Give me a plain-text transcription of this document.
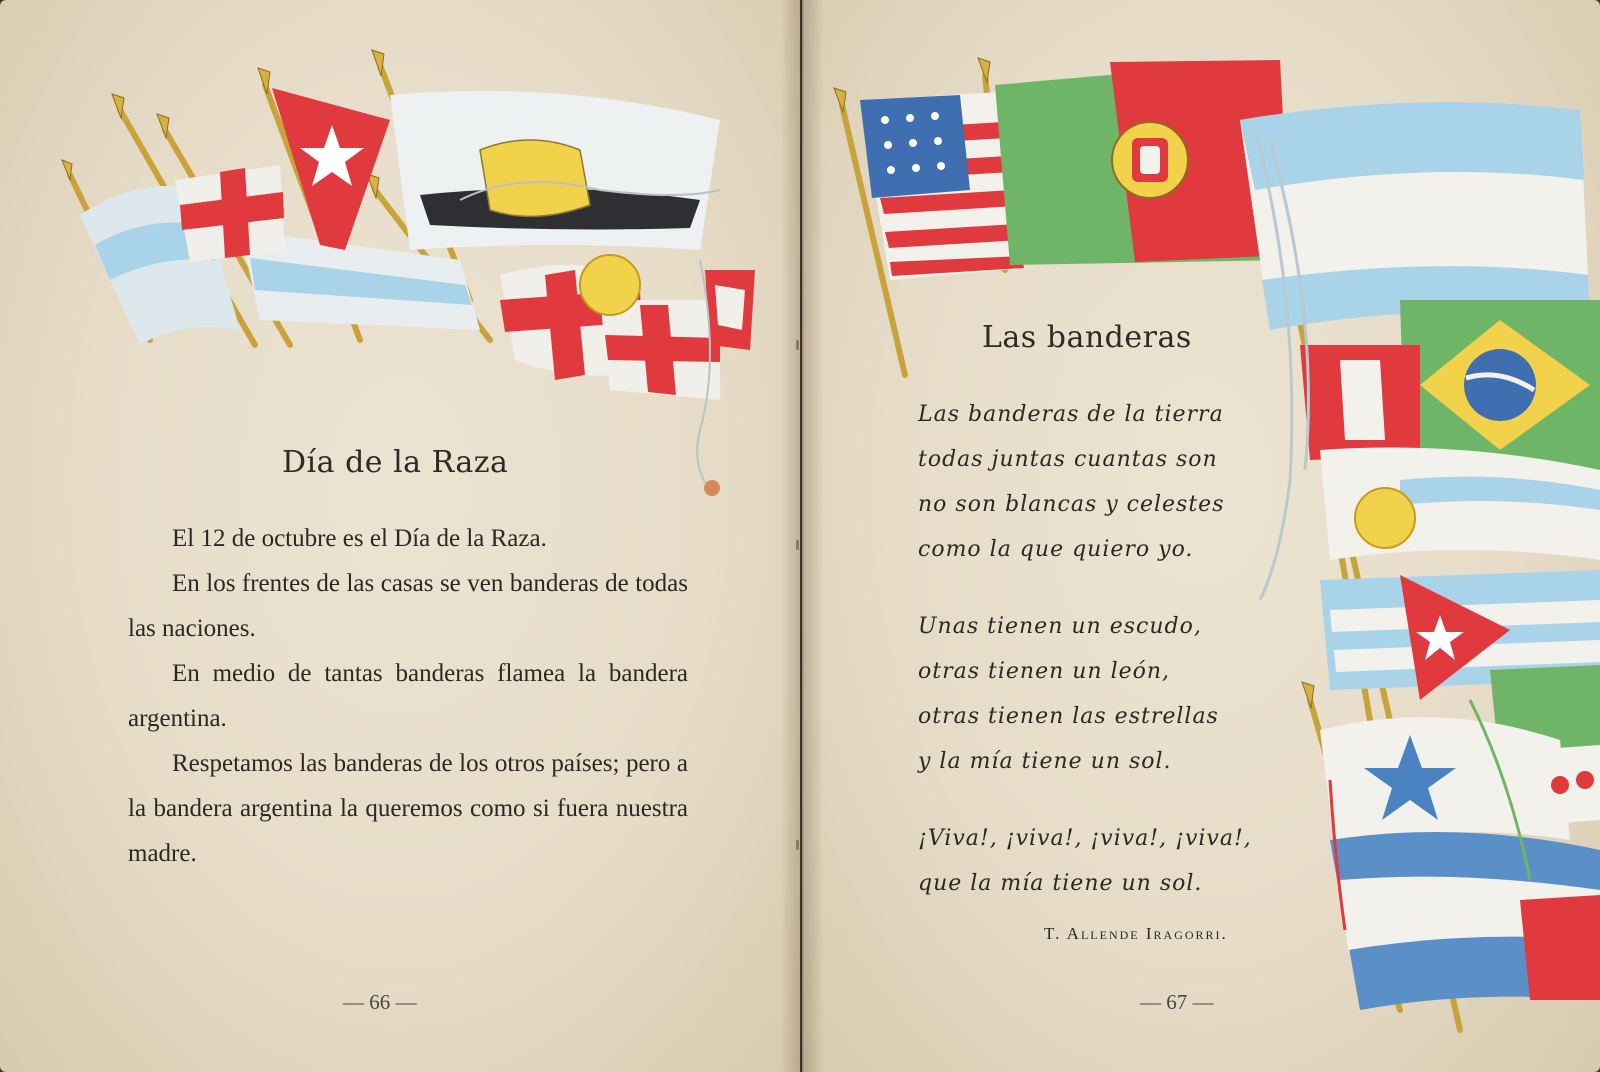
Día de la Raza

El 12 de octubre es el Día de la Raza.

En los frentes de las casas se ven banderas de todas las naciones.

En medio de tantas banderas flamea la bandera argentina.

Respetamos las banderas de los otros países; pero a la bandera argentina la queremos como si fuera nuestra madre.

— 66 —
Las banderas
— 67 —
Las banderas de la tierra
todas juntas cuantas son
no son blancas y celestes
como la que quiero yo.
Unas tienen un escudo,
otras tienen un león,
otras tienen las estrellas
y la mía tiene un sol.
¡Viva!, ¡viva!, ¡viva!, ¡viva!,
que la mía tiene un sol.
T. Allende Iragorri.
